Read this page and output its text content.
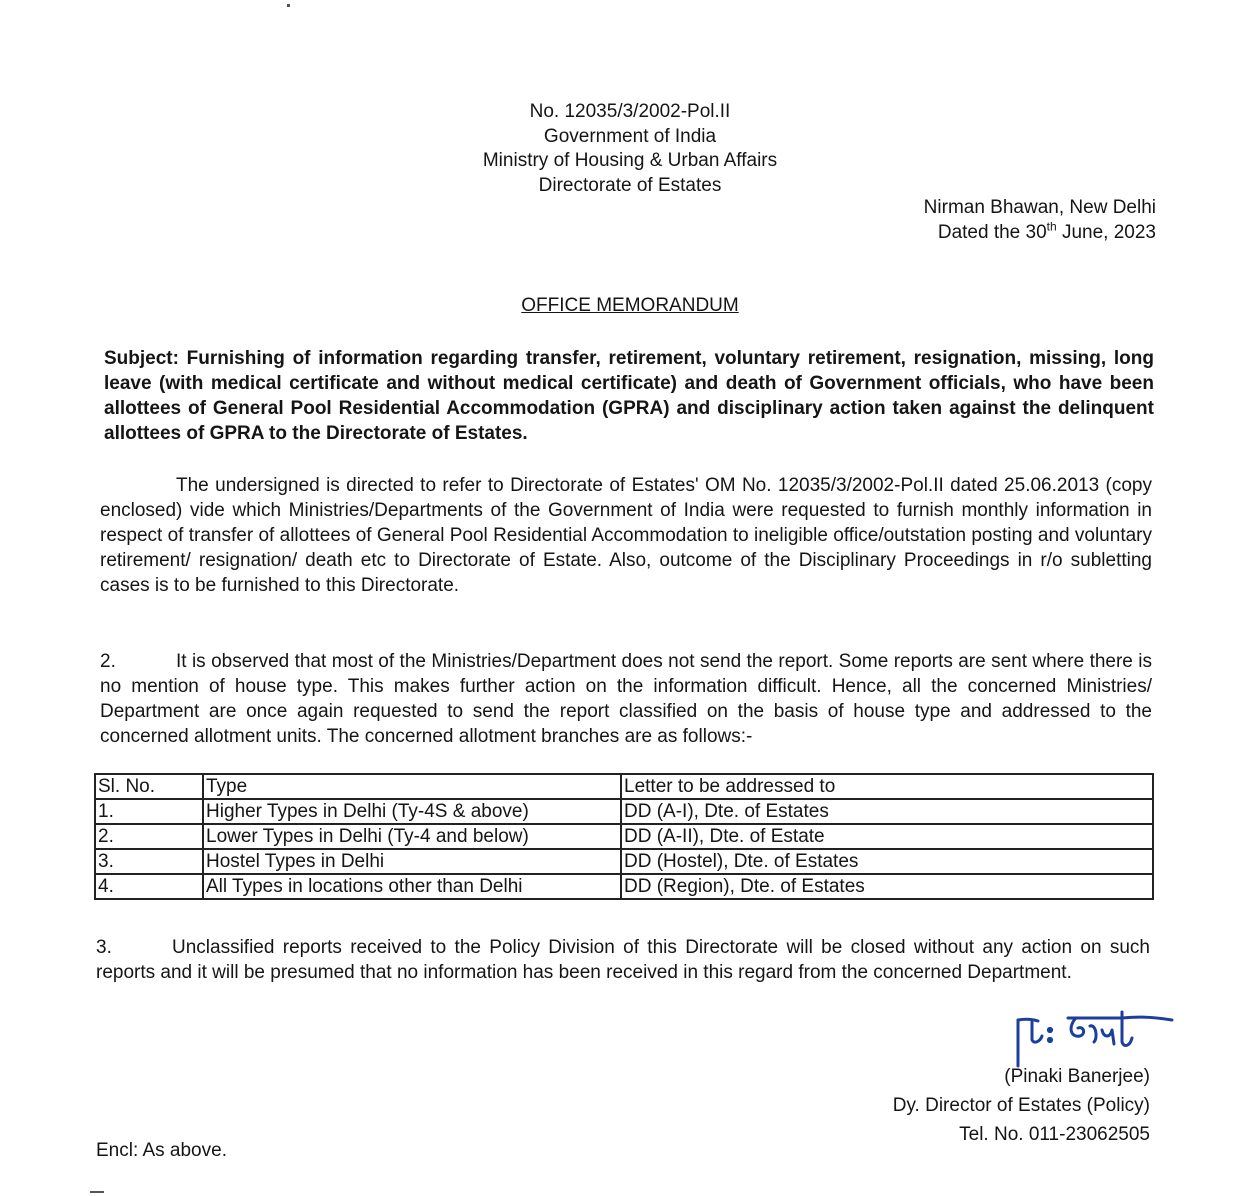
No. 12035/3/2002-Pol.II
Government of India
Ministry of Housing & Urban Affairs
Directorate of Estates
Nirman Bhawan, New Delhi
Dated the 30th June, 2023
OFFICE MEMORANDUM
Subject: Furnishing of information regarding transfer, retirement, voluntary retirement, resignation, missing, long leave (with medical certificate and without medical certificate) and death of Government officials, who have been allottees of General Pool Residential Accommodation (GPRA) and disciplinary action taken against the delinquent allottees of GPRA to the Directorate of Estates.
The undersigned is directed to refer to Directorate of Estates' OM No. 12035/3/2002-Pol.II dated 25.06.2013 (copy enclosed) vide which Ministries/Departments of the Government of India were requested to furnish monthly information in respect of transfer of allottees of General Pool Residential Accommodation to ineligible office/outstation posting and voluntary retirement/ resignation/ death etc to Directorate of Estate. Also, outcome of the Disciplinary Proceedings in r/o subletting cases is to be furnished to this Directorate.
2.	It is observed that most of the Ministries/Department does not send the report. Some reports are sent where there is no mention of house type. This makes further action on the information difficult. Hence, all the concerned Ministries/ Department are once again requested to send the report classified on the basis of house type and addressed to the concerned allotment units. The concerned allotment branches are as follows:-
Sl. No.	Type	Letter to be addressed to
1.	Higher Types in Delhi (Ty-4S & above)	DD (A-I), Dte. of Estates
2.	Lower Types in Delhi (Ty-4 and below)	DD (A-II), Dte. of Estate
3.	Hostel Types in Delhi	DD (Hostel), Dte. of Estates
4.	All Types in locations other than Delhi	DD (Region), Dte. of Estates
3.	Unclassified reports received to the Policy Division of this Directorate will be closed without any action on such reports and it will be presumed that no information has been received in this regard from the concerned Department.
(Pinaki Banerjee)
Dy. Director of Estates (Policy)
Tel. No. 011-23062505
Encl: As above.
